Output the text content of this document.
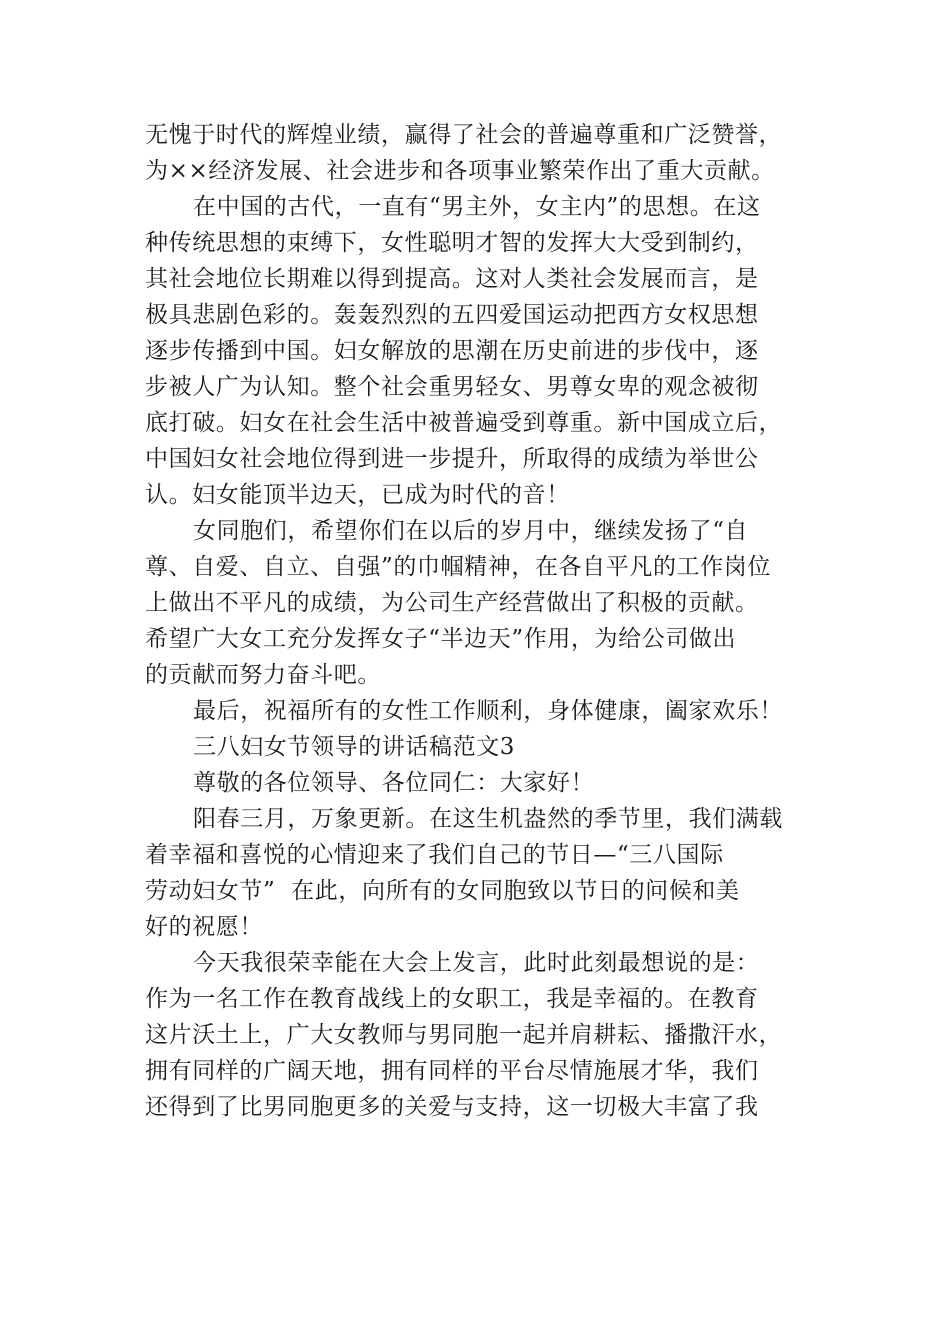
无愧于时代的辉煌业绩，赢得了社会的普遍尊重和广泛赞誉，
为××经济发展、社会进步和各项事业繁荣作出了重大贡献。
在中国的古代，一直有“男主外，女主内”的思想。在这
种传统思想的束缚下，女性聪明才智的发挥大大受到制约，
其社会地位长期难以得到提高。这对人类社会发展而言，是
极具悲剧色彩的。轰轰烈烈的五四爱国运动把西方女权思想
逐步传播到中国。妇女解放的思潮在历史前进的步伐中，逐
步被人广为认知。整个社会重男轻女、男尊女卑的观念被彻
底打破。妇女在社会生活中被普遍受到尊重。新中国成立后，
中国妇女社会地位得到进一步提升，所取得的成绩为举世公
认。妇女能顶半边天，已成为时代的音！
女同胞们，希望你们在以后的岁月中，继续发扬了“自
尊、自爱、自立、自强”的巾帼精神，在各自平凡的工作岗位
上做出不平凡的成绩，为公司生产经营做出了积极的贡献。
希望广大女工充分发挥女子“半边天”作用，为给公司做出
的贡献而努力奋斗吧。
最后，祝福所有的女性工作顺利，身体健康，阖家欢乐！
三八妇女节领导的讲话稿范文3
尊敬的各位领导、各位同仁：大家好！
阳春三月，万象更新。在这生机盎然的季节里，我们满载
着幸福和喜悦的心情迎来了我们自己的节日—“三八国际
劳动妇女节”  在此，向所有的女同胞致以节日的问候和美
好的祝愿！
今天我很荣幸能在大会上发言，此时此刻最想说的是：
作为一名工作在教育战线上的女职工，我是幸福的。在教育
这片沃土上，广大女教师与男同胞一起并肩耕耘、播撒汗水，
拥有同样的广阔天地，拥有同样的平台尽情施展才华，我们
还得到了比男同胞更多的关爱与支持，这一切极大丰富了我
